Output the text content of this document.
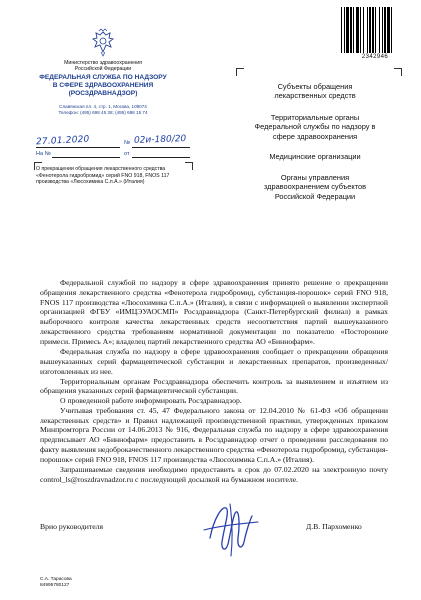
Министерство здравоохранения
Российской Федерации
ФЕДЕРАЛЬНАЯ СЛУЖБА ПО НАДЗОРУ
В СФЕРЕ ЗДРАВООХРАНЕНИЯ
(РОСЗДРАВНАДЗОР)
Славянская пл. 4, стр. 1, Москва, 109074
Телефон: (495) 698 45 38; (495) 698 15 74
27.01.2020	№ 02и-180/20
На №	от
О прекращении обращения лекарственного средства «Фенотерола гидробромид» серий FNO 918, FNOS 117 производства «Люсохимика С.п.А.» (Италия)
2342946
Субъекты обращения
лекарственных средств
Территориальные органы
Федеральной службы по надзору в
сфере здравоохранения
Медицинские организации
Органы управления
здравоохранением субъектов
Российской Федерации

Федеральной службой по надзору в сфере здравоохранения принято решение о прекращении обращения лекарственного средства «Фенотерола гидробромид, субстанция-порошок» серий FNO 918, FNOS 117 производства «Люсохимика С.п.А.» (Италия), в связи с информацией о выявлении экспертной организацией ФГБУ «ИМЦЭУАОСМП» Росздравнадзора (Санкт-Петербургский филиал) в рамках выборочного контроля качества лекарственных средств несоответствия партий вышеуказанного лекарственного средства требованиям нормативной документации по показателю «Посторонние примеси. Примесь А»; владелец партий лекарственного средства АО «Биннофарм».

Федеральная служба по надзору в сфере здравоохранения сообщает о прекращении обращения вышеуказанных серий фармацевтической субстанции и лекарственных препаратов, произведенных/изготовленных из нее.

Территориальным органам Росздравнадзора обеспечить контроль за выявлением и изъятием из обращения указанных серий фармацевтической субстанции.

О проведенной работе информировать Росздравнадзор.

Учитывая требования ст. 45, 47 Федерального закона от 12.04.2010 № 61-ФЗ «Об обращении лекарственных средств» и Правил надлежащей производственной практики, утвержденных приказом Минпромторга России от 14.06.2013 № 916, Федеральная служба по надзору в сфере здравоохранения предписывает АО «Биннофарм» предоставить в Росздравнадзор отчет о проведении расследования по факту выявления недоброкачественного лекарственного средства «Фенотерола гидробромид, субстанция-порошок» серий FNO 918, FNOS 117 производства «Люсохимика С.п.А.» (Италия).

Запрашиваемые сведения необходимо предоставить в срок до 07.02.2020 на электронную почту control_ls@roszdravnadzor.ru с последующей досылкой на бумажном носителе.

Врио руководителя	Д.В. Пархоменко
С.А. Тарасова
84995780127
